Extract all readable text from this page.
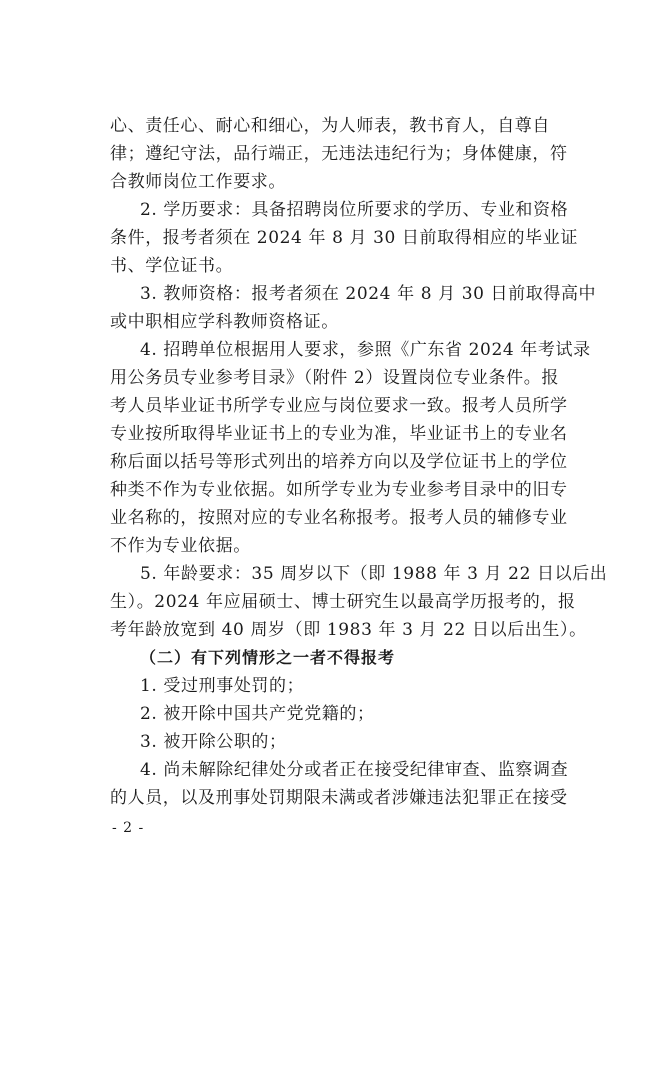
心、责任心、耐心和细心，为人师表，教书育人，自尊自
律；遵纪守法，品行端正，无违法违纪行为；身体健康，符
合教师岗位工作要求。
2. 学历要求：具备招聘岗位所要求的学历、专业和资格
条件，报考者须在 2024 年 8 月 30 日前取得相应的毕业证
书、学位证书。
3. 教师资格：报考者须在 2024 年 8 月 30 日前取得高中
或中职相应学科教师资格证。
4. 招聘单位根据用人要求，参照《广东省 2024 年考试录
用公务员专业参考目录》（附件 2）设置岗位专业条件。报
考人员毕业证书所学专业应与岗位要求一致。报考人员所学
专业按所取得毕业证书上的专业为准，毕业证书上的专业名
称后面以括号等形式列出的培养方向以及学位证书上的学位
种类不作为专业依据。如所学专业为专业参考目录中的旧专
业名称的，按照对应的专业名称报考。报考人员的辅修专业
不作为专业依据。
5. 年龄要求：35 周岁以下（即 1988 年 3 月 22 日以后出
生）。2024 年应届硕士、博士研究生以最高学历报考的，报
考年龄放宽到 40 周岁（即 1983 年 3 月 22 日以后出生）。
（二）有下列情形之一者不得报考
1. 受过刑事处罚的；
2. 被开除中国共产党党籍的；
3. 被开除公职的；
4. 尚未解除纪律处分或者正在接受纪律审查、监察调查
的人员，以及刑事处罚期限未满或者涉嫌违法犯罪正在接受
- 2 -
